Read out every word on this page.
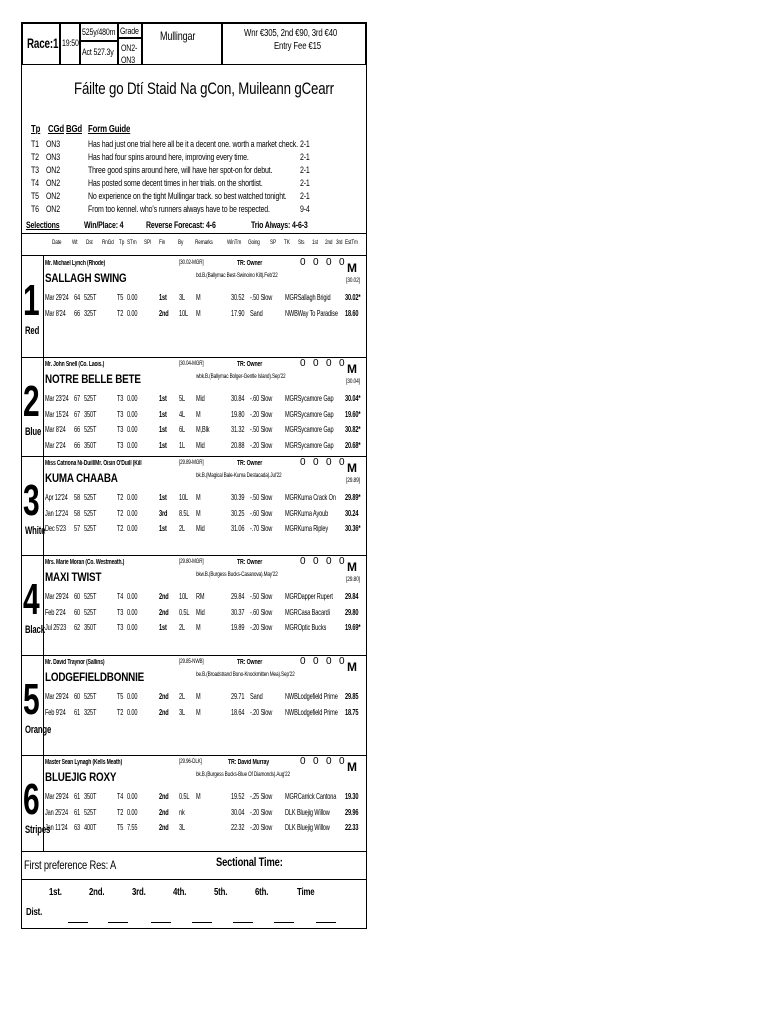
Race:1 19:50
525y/480m
Act 527.3y
Grade
ON2-
ON3
Mullingar	Wnr €305, 2nd €90, 3rd €40
Entry Fee €15
Fáilte go Dtí Staid Na gCon, Muileann gCearr
Tp CGd BGd Form Guide
T1 ON3	Has had just one trial here all be it a decent one. worth a market check. 2-1
T2 ON3	Has had four spins around here, improving every time.	2-1
T3 ON2	Three good spins around here, will have her spot-on for debut.	2-1
T4 ON2	Has posted some decent times in her trials. on the shortlist.	2-1
T5 ON2	No experience on the tight Mullingar track. so best watched tonight. 2-1
T6 ON2	From too kennel. who's runners always have to be respected.	9-4
Selections	Win/Place: 4	Reverse Forecast: 4-6	Trio Always: 4-6-3
Date Wt Dst RnGd Tp STm SPl Fin By Remarks WinTm Going SP TK Sts 1st 2nd 3rd EstTm
1
Red
Mr. Michael Lynch (Rhode)	[30.02-MGR]	TR: Owner	0 0 0 0 M
SALLAGH SWING	bd.B.(Ballymac Best-Swinoino Kilt).Feb'22
[30.02]
Mar 29'24 64 525T T5 0.00	1st 3L M	30.52 -.50 Slow MGRSallagh Brigid 30.02*
Mar 8'24 66 325T T2 0.00	2nd 10L M	17.90 Sand	NWBWay To Paradise 18.60
2
Blue
Mr. John Snell (Co. Laois.)	[30.04-MGR]	TR: Owner	0 0 0 0 M
NOTRE BELLE BETE	wbk.B.(Ballymac Bolger-Gentle Island).Sep'22
[30.04]
Mar 23'24 67 525T T3 0.00	1st 5L Mid	30.84 -.60 Slow MGRSycamore Gap 30.04*
Mar 15'24 67 350T T3 0.00	1st 4L M	19.80 -.20 Slow MGRSycamore Gap 19.60*
Mar 8'24 66 525T T3 0.00	1st 6L M,Blk	31.32 -.50 Slow MGRSycamore Gap 30.82*
Mar 2'24 66 350T T3 0.00	1st 1L Mid	20.88 -.20 Slow MGRSycamore Gap 20.68*
3
White
Miss Catriona Ni-Duill/Mr. Oisin O'Duill (Kill	[29.89-MGR]	TR: Owner	0 0 0 0 M
KUMA CHAABA	bk.B.(Magical Bale-Kuma Destacada).Jul'22
[29.89]
Apr 12'24 58 525T T2 0.00	1st 10L M	30.39 -.50 Slow MGRKuma Crack On 29.89*
Jan 12'24 58 525T T2 0.00	3rd 8.5L M	30.25 -.60 Slow MGRKuma Ayoub 30.24
Dec 5'23 57 525T T2 0.00	1st 2L Mid	31.06 -.70 Slow MGRKuma Ripley 30.36*
4
Black
Mrs. Marie Moran (Co. Westmeath.)	[29.80-MGR]	TR: Owner	0 0 0 0 M
MAXI TWIST	bkw.B.(Burgess Bucks-Casanova).May'22
[29.80]
Mar 29'24 60 525T T4 0.00	2nd 10L RM	29.84 -.50 Slow MGRDapper Rupert 29.84
Feb 2'24 60 525T T3 0.00	2nd 0.5L Mid	30.37 -.60 Slow MGRCasa Bacardi 29.80
Jul 25'23 62 350T T3 0.00	1st 2L M	19.89 -.20 Slow MGROptic Bucks 19.69*
5
Orange
Mr. David Traynor (Sallins)	[29.85-NWB]	TR: Owner	0 0 0 0 M
LODGEFIELDBONNIE	be.B.(Broadstrand Bono-Knockmitten Mea).Sep'22
Mar 29'24 60 525T T5 0.00	2nd 2L M	29.71 Sand	NWBLodgefield Prime 29.85
Feb 9'24 61 325T T2 0.00	2nd 3L M	18.64 -.20 Slow NWBLodgefield Prime 18.75
6
Stripes
Master Sean Lynagh (Kells Meath)	[29.96-DLK]	TR: David Murray	0 0 0 0 M
BLUEJIG ROXY	bk.B.(Burgess Bucks-Blue Of Diamonds).Aug'22
Mar 29'24 61 350T T4 0.00	2nd 0.5L M	19.52 -.25 Slow MGRCarrick Cantona 19.30
Jan 25'24 61 525T T2 0.00	2nd nk	30.04 -.20 Slow DLK Bluejig Willow 29.96
Jan 11'24 63 400T T5 7.55	2nd 3L	22.32 -.20 Slow DLK Bluejig Willow 22.33
First preference Res: A	Sectional Time:
1st.	2nd.	3rd.	4th.	5th.	6th.	Time
Dist.
